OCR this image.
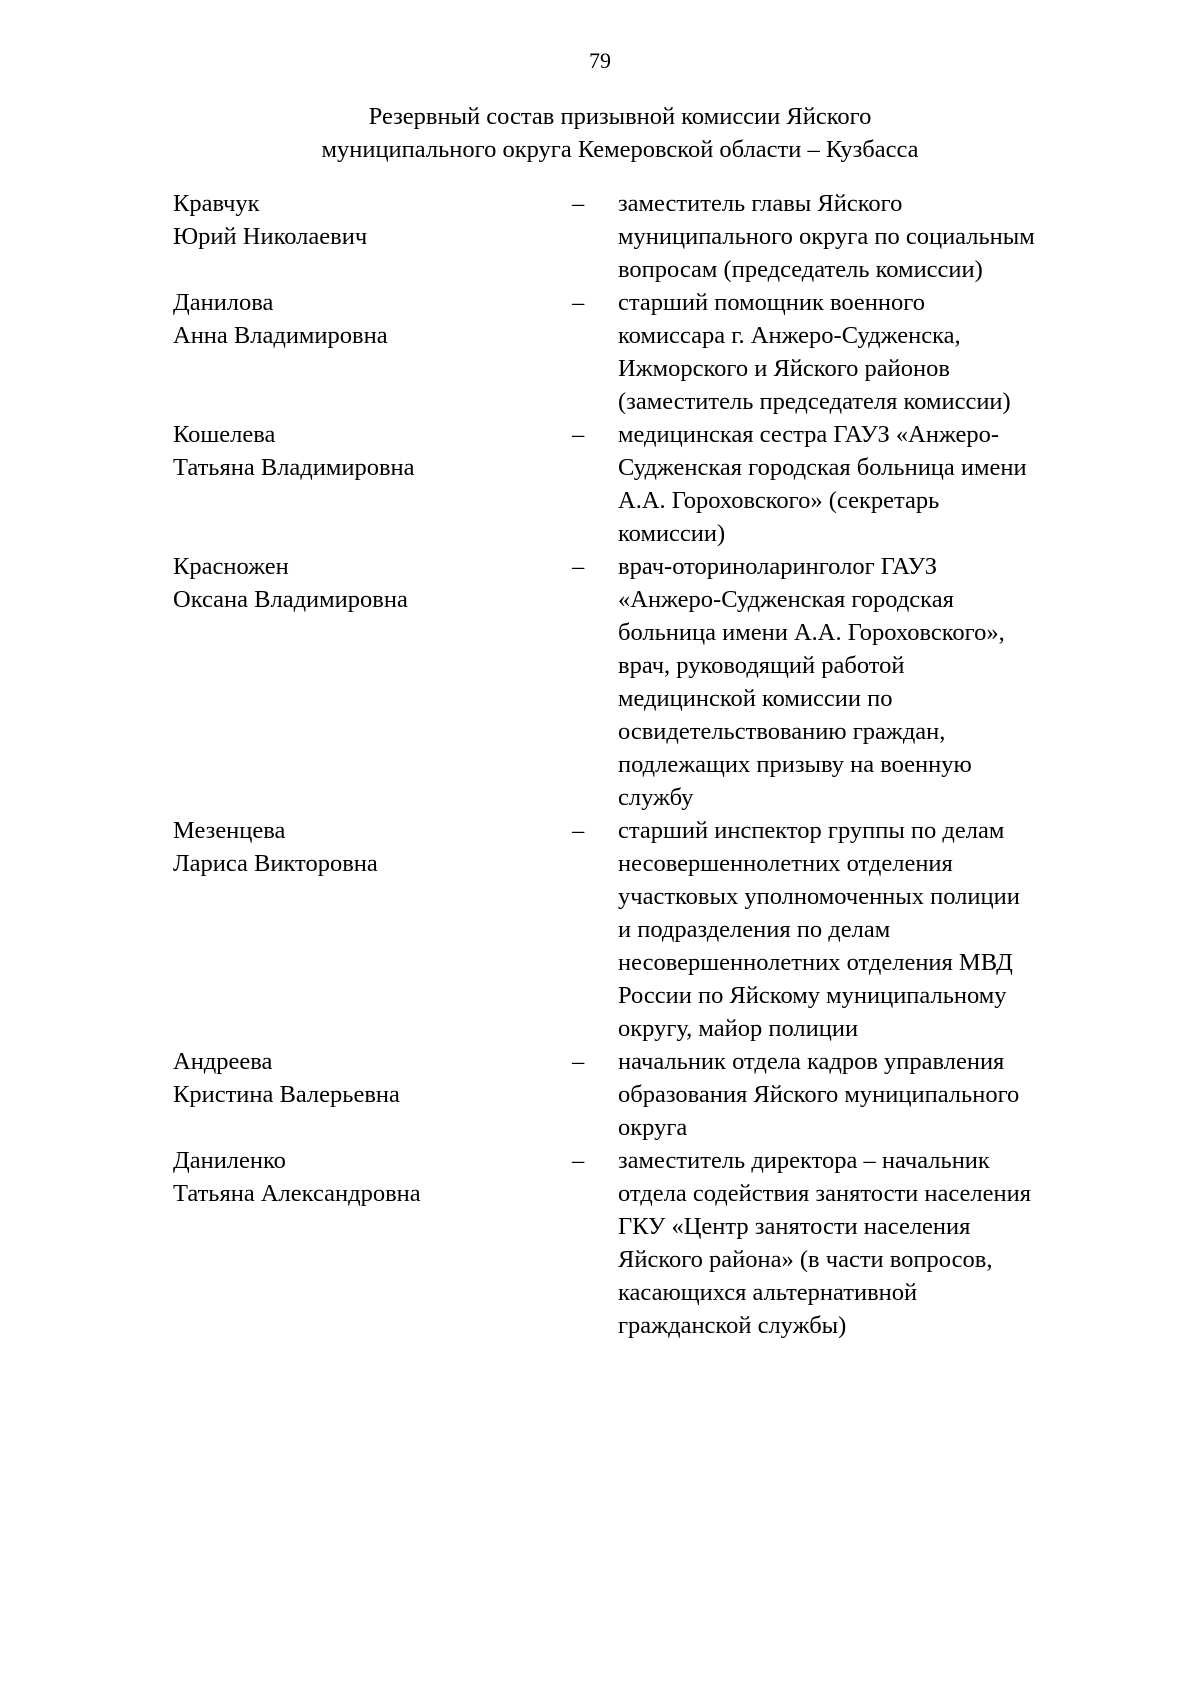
79
Резервный состав призывной комиссии Яйского
муниципального округа Кемеровской области – Кузбасса
Кравчук
Юрий Николаевич
–	заместитель главы Яйского
муниципального округа по социальным
вопросам (председатель комиссии)
Данилова
Анна Владимировна
–	старший помощник военного
комиссара г. Анжеро-Судженска,
Ижморского и Яйского районов
(заместитель председателя комиссии)
Кошелева
Татьяна Владимировна
–	медицинская сестра ГАУЗ «Анжеро-
Судженская городская больница имени
А.А. Гороховского» (секретарь
комиссии)
Красножен
Оксана Владимировна
–	врач-оториноларинголог ГАУЗ
«Анжеро-Судженская городская
больница имени А.А. Гороховского»,
врач, руководящий работой
медицинской комиссии по
освидетельствованию граждан,
подлежащих призыву на военную
службу
Мезенцева
Лариса Викторовна
–	старший инспектор группы по делам
несовершеннолетних отделения
участковых уполномоченных полиции
и подразделения по делам
несовершеннолетних отделения МВД
России по Яйскому муниципальному
округу, майор полиции
Андреева
Кристина Валерьевна
–	начальник отдела кадров управления
образования Яйского муниципального
округа
Даниленко
Татьяна Александровна
–	заместитель директора – начальник
отдела содействия занятости населения
ГКУ «Центр занятости населения
Яйского района» (в части вопросов,
касающихся альтернативной
гражданской службы)
